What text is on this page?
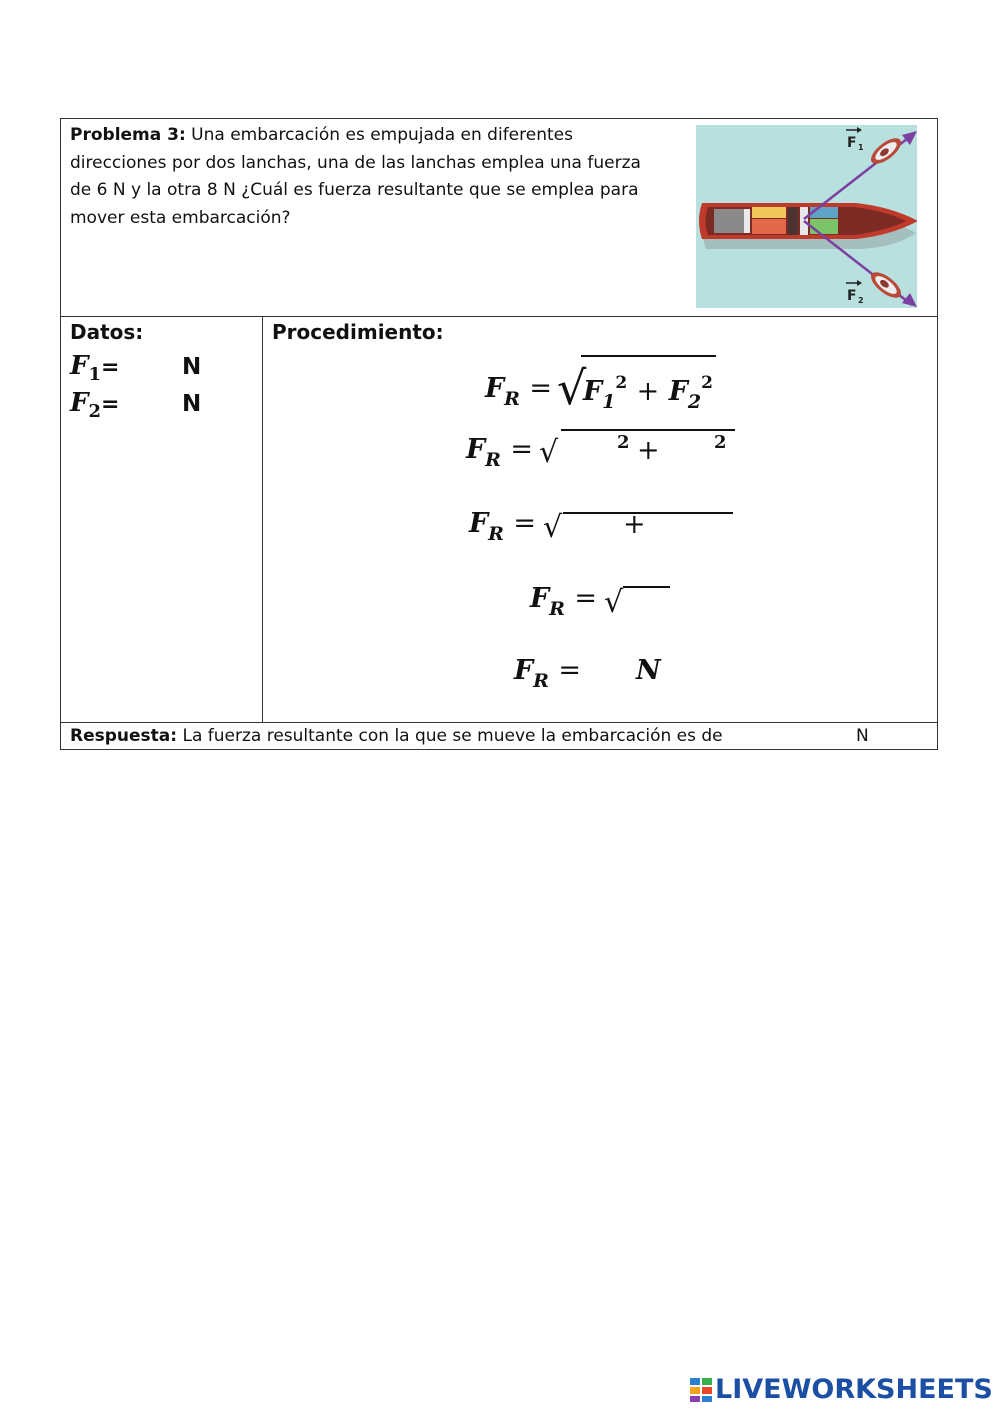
Problema 3: Una embarcación es empujada en diferentes direcciones por dos lanchas, una de las lanchas emplea una fuerza de 6 N y la otra 8 N ¿Cuál es fuerza resultante que se emplea para mover esta embarcación?
F 1
F 2
Datos:
$F_1=$	N
$F_2=$	N
Procedimiento:
$F_R$ = √
$F_1^2 + F_2^2$
$F_R$ = √	2 +	2
$F_R$ = √ +
$F_R$ = √
$F_R = N$
Respuesta: La fuerza resultante con la que se mueve la embarcación es de	N
LIVEWORKSHEETS
